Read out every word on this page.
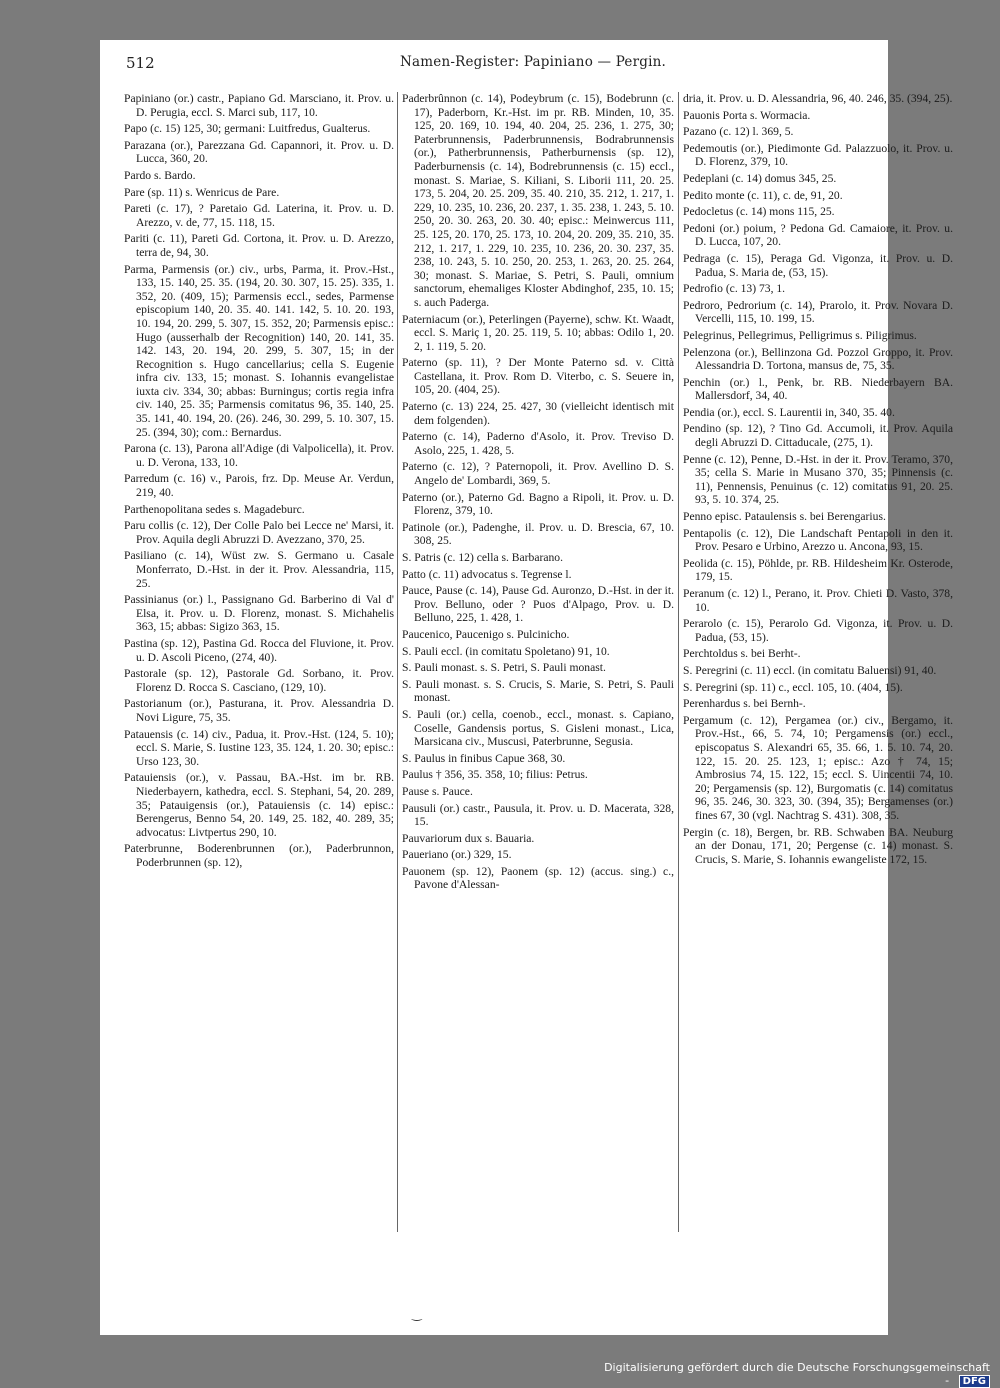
512	Namen-Register: Papiniano — Pergin.

Papiniano (or.) castr., Papiano Gd. Marsciano, it. Prov. u. D. Perugia, eccl. S. Marci sub, 117, 10.

Papo (c. 15) 125, 30; germani: Luitfredus, Gualterus.

Parazana (or.), Parezzana Gd. Capannori, it. Prov. u. D. Lucca, 360, 20.

Pardo s. Bardo.

Pare (sp. 11) s. Wenricus de Pare.

Pareti (c. 17), ? Paretaio Gd. Laterina, it. Prov. u. D. Arezzo, v. de, 77, 15. 118, 15.

Pariti (c. 11), Pareti Gd. Cortona, it. Prov. u. D. Arezzo, terra de, 94, 30.

Parma, Parmensis (or.) civ., urbs, Parma, it. Prov.-Hst., 133, 15. 140, 25. 35. (194, 20. 30. 307, 15. 25). 335, 1. 352, 20. (409, 15); Parmensis eccl., sedes, Parmense episcopium 140, 20. 35. 40. 141. 142, 5. 10. 20. 193, 10. 194, 20. 299, 5. 307, 15. 352, 20; Parmensis episc.: Hugo (ausserhalb der Recognition) 140, 20. 141, 35. 142. 143, 20. 194, 20. 299, 5. 307, 15; in der Recognition s. Hugo cancellarius; cella S. Eugenie infra civ. 133, 15; monast. S. Iohannis evangelistae iuxta civ. 334, 30; abbas: Burningus; cortis regia infra civ. 140, 25. 35; Parmensis comitatus 96, 35. 140, 25. 35. 141, 40. 194, 20. (26). 246, 30. 299, 5. 10. 307, 15. 25. (394, 30); com.: Bernardus.

Parona (c. 13), Parona all'Adige (di Valpolicella), it. Prov. u. D. Verona, 133, 10.

Parredum (c. 16) v., Parois, frz. Dp. Meuse Ar. Verdun, 219, 40.

Parthenopolitana sedes s. Magadeburc.

Paru collis (c. 12), Der Colle Palo bei Lecce ne' Marsi, it. Prov. Aquila degli Abruzzi D. Avezzano, 370, 25.

Pasiliano (c. 14), Wüst zw. S. Germano u. Casale Monferrato, D.-Hst. in der it. Prov. Alessandria, 115, 25.

Passinianus (or.) l., Passignano Gd. Barberino di Val d' Elsa, it. Prov. u. D. Florenz, monast. S. Michahelis 363, 15; abbas: Sigizo 363, 15.

Pastina (sp. 12), Pastina Gd. Rocca del Fluvione, it. Prov. u. D. Ascoli Piceno, (274, 40).

Pastorale (sp. 12), Pastorale Gd. Sorbano, it. Prov. Florenz D. Rocca S. Casciano, (129, 10).

Pastorianum (or.), Pasturana, it. Prov. Alessandria D. Novi Ligure, 75, 35.

Patauensis (c. 14) civ., Padua, it. Prov.-Hst. (124, 5. 10); eccl. S. Marie, S. Iustine 123, 35. 124, 1. 20. 30; episc.: Urso 123, 30.

Patauiensis (or.), v. Passau, BA.-Hst. im br. RB. Niederbayern, kathedra, eccl. S. Stephani, 54, 20. 289, 35; Patauigensis (or.), Patauiensis (c. 14) episc.: Berengerus, Benno 54, 20. 149, 25. 182, 40. 289, 35; advocatus: Livtpertus 290, 10.

Paterbrunne, Boderenbrunnen (or.), Paderbrunnon, Poderbrunnen (sp. 12),

Paderbrûnnon (c. 14), Podeybrum (c. 15), Bodebrunn (c. 17), Paderborn, Kr.-Hst. im pr. RB. Minden, 10, 35. 125, 20. 169, 10. 194, 40. 204, 25. 236, 1. 275, 30; Paterbrunnensis, Paderbrunnensis, Bodrabrunnensis (or.), Patherbrunnensis, Patherburnensis (sp. 12), Paderburnensis (c. 14), Bodrebrunnensis (c. 15) eccl., monast. S. Mariae, S. Kiliani, S. Liborii 111, 20. 25. 173, 5. 204, 20. 25. 209, 35. 40. 210, 35. 212, 1. 217, 1. 229, 10. 235, 10. 236, 20. 237, 1. 35. 238, 1. 243, 5. 10. 250, 20. 30. 263, 20. 30. 40; episc.: Meinwercus 111, 25. 125, 20. 170, 25. 173, 10. 204, 20. 209, 35. 210, 35. 212, 1. 217, 1. 229, 10. 235, 10. 236, 20. 30. 237, 35. 238, 10. 243, 5. 10. 250, 20. 253, 1. 263, 20. 25. 264, 30; monast. S. Mariae, S. Petri, S. Pauli, omnium sanctorum, ehemaliges Kloster Abdinghof, 235, 10. 15; s. auch Paderga.

Paterniacum (or.), Peterlingen (Payerne), schw. Kt. Waadt, eccl. S. Mariç 1, 20. 25. 119, 5. 10; abbas: Odilo 1, 20. 2, 1. 119, 5. 20.

Paterno (sp. 11), ? Der Monte Paterno sd. v. Città Castellana, it. Prov. Rom D. Viterbo, c. S. Seuere in, 105, 20. (404, 25).

Paterno (c. 13) 224, 25. 427, 30 (vielleicht identisch mit dem folgenden).

Paterno (c. 14), Paderno d'Asolo, it. Prov. Treviso D. Asolo, 225, 1. 428, 5.

Paterno (c. 12), ? Paternopoli, it. Prov. Avellino D. S. Angelo de' Lombardi, 369, 5.

Paterno (or.), Paterno Gd. Bagno a Ripoli, it. Prov. u. D. Florenz, 379, 10.

Patinole (or.), Padenghe, il. Prov. u. D. Brescia, 67, 10. 308, 25.

S. Patris (c. 12) cella s. Barbarano.

Patto (c. 11) advocatus s. Tegrense l.

Pauce, Pause (c. 14), Pause Gd. Auronzo, D.-Hst. in der it. Prov. Belluno, oder ? Puos d'Alpago, Prov. u. D. Belluno, 225, 1. 428, 1.

Paucenico, Paucenigo s. Pulcinicho.

S. Pauli eccl. (in comitatu Spoletano) 91, 10.

S. Pauli monast. s. S. Petri, S. Pauli monast.

S. Pauli monast. s. S. Crucis, S. Marie, S. Petri, S. Pauli monast.

S. Pauli (or.) cella, coenob., eccl., monast. s. Capiano, Coselle, Gandensis portus, S. Gisleni monast., Lica, Marsicana civ., Muscusi, Paterbrunne, Segusia.

S. Paulus in finibus Capue 368, 30.

Paulus † 356, 35. 358, 10; filius: Petrus.

Pause s. Pauce.

Pausuli (or.) castr., Pausula, it. Prov. u. D. Macerata, 328, 15.

Pauvariorum dux s. Bauaria.

Paueriano (or.) 329, 15.

Pauonem (sp. 12), Paonem (sp. 12) (accus. sing.) c., Pavone d'Alessan-

dria, it. Prov. u. D. Alessandria, 96, 40. 246, 35. (394, 25).

Pauonis Porta s. Wormacia.

Pazano (c. 12) l. 369, 5.

Pedemoutis (or.), Piedimonte Gd. Palazzuolo, it. Prov. u. D. Florenz, 379, 10.

Pedeplani (c. 14) domus 345, 25.

Pedito monte (c. 11), c. de, 91, 20.

Pedocletus (c. 14) mons 115, 25.

Pedoni (or.) poium, ? Pedona Gd. Camaiore, it. Prov. u. D. Lucca, 107, 20.

Pedraga (c. 15), Peraga Gd. Vigonza, it. Prov. u. D. Padua, S. Maria de, (53, 15).

Pedrofio (c. 13) 73, 1.

Pedroro, Pedrorium (c. 14), Prarolo, it. Prov. Novara D. Vercelli, 115, 10. 199, 15.

Pelegrinus, Pellegrimus, Pelligrimus s. Piligrimus.

Pelenzona (or.), Bellinzona Gd. Pozzol Groppo, it. Prov. Alessandria D. Tortona, mansus de, 75, 35.

Penchin (or.) l., Penk, br. RB. Niederbayern BA. Mallersdorf, 34, 40.

Pendia (or.), eccl. S. Laurentii in, 340, 35. 40.

Pendino (sp. 12), ? Tino Gd. Accumoli, it. Prov. Aquila degli Abruzzi D. Cittaducale, (275, 1).

Penne (c. 12), Penne, D.-Hst. in der it. Prov. Teramo, 370, 35; cella S. Marie in Musano 370, 35; Pinnensis (c. 11), Pennensis, Penuinus (c. 12) comitatus 91, 20. 25. 93, 5. 10. 374, 25.

Penno episc. Pataulensis s. bei Berengarius.

Pentapolis (c. 12), Die Landschaft Pentapoli in den it. Prov. Pesaro e Urbino, Arezzo u. Ancona, 93, 15.

Peolida (c. 15), Pöhlde, pr. RB. Hildesheim Kr. Osterode, 179, 15.

Peranum (c. 12) l., Perano, it. Prov. Chieti D. Vasto, 378, 10.

Perarolo (c. 15), Perarolo Gd. Vigonza, it. Prov. u. D. Padua, (53, 15).

Perchtoldus s. bei Berht-.

S. Peregrini (c. 11) eccl. (in comitatu Baluensi) 91, 40.

S. Peregrini (sp. 11) c., eccl. 105, 10. (404, 15).

Perenhardus s. bei Bernh-.

Pergamum (c. 12), Pergamea (or.) civ., Bergamo, it. Prov.-Hst., 66, 5. 74, 10; Pergamensis (or.) eccl., episcopatus S. Alexandri 65, 35. 66, 1. 5. 10. 74, 20. 122, 15. 20. 25. 123, 1; episc.: Azo † 74, 15; Ambrosius 74, 15. 122, 15; eccl. S. Uincentii 74, 10. 20; Pergamensis (sp. 12), Burgomatis (c. 14) comitatus 96, 35. 246, 30. 323, 30. (394, 35); Bergamenses (or.) fines 67, 30 (vgl. Nachtrag S. 431). 308, 35.

Pergin (c. 18), Bergen, br. RB. Schwaben BA. Neuburg an der Donau, 171, 20; Pergense (c. 14) monast. S. Crucis, S. Marie, S. Iohannis ewangeliste 172, 15.

‿
Digitalisierung gefördert durch die Deutsche Forschungsgemeinschaft - DFG
